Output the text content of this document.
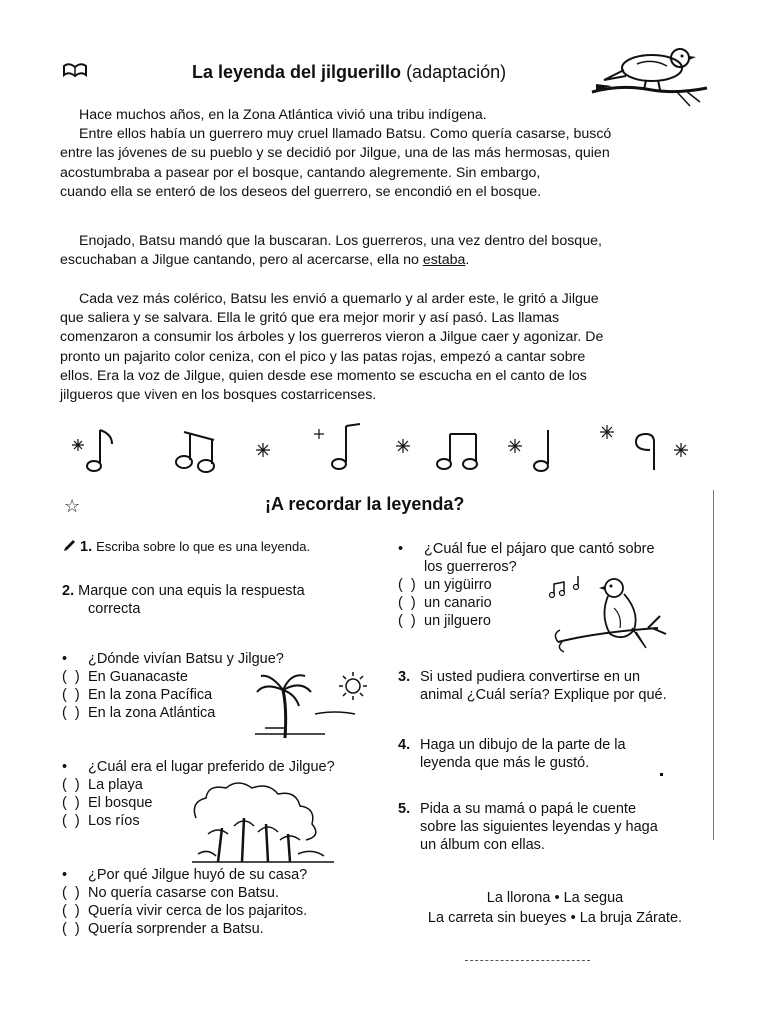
La leyenda del jilguerillo (adaptación)
Hace muchos años, en la Zona Atlántica vivió una tribu indígena.
Entre ellos había un guerrero muy cruel llamado Batsu. Como quería casarse, buscó
entre las jóvenes de su pueblo y se decidió por Jilgue, una de las más hermosas, quien
acostumbraba a pasear por el bosque, cantando alegremente. Sin embargo,
cuando ella se enteró de los deseos del guerrero, se encondió en el bosque.
Enojado, Batsu mandó que la buscaran. Los guerreros, una vez dentro del bosque,
escuchaban a Jilgue cantando, pero al acercarse, ella no estaba.
Cada vez más colérico, Batsu les envió a quemarlo y al arder este, le gritó a Jilgue
que saliera y se salvara. Ella le gritó que era mejor morir y así pasó. Las llamas
comenzaron a consumir los árboles y los guerreros vieron a Jilgue caer y agonizar. De
pronto un pajarito color ceniza, con el pico y las patas rojas, empezó a cantar sobre
ellos. Era la voz de Jilgue, quien desde ese momento se escucha en el canto de los
jilgueros que viven en los bosques costarricenses.
☆	¡A recordar la leyenda?
1. Escriba sobre lo que es una leyenda.
2. Marque con una equis la respuesta
correcta
• ¿Dónde vivían Batsu y Jilgue?
( ) En Guanacaste
( ) En la zona Pacífica
( ) En la zona Atlántica
• ¿Cuál era el lugar preferido de Jilgue?
( ) La playa
( ) El bosque
( ) Los ríos
• ¿Por qué Jilgue huyó de su casa?
( ) No quería casarse con Batsu.
( ) Quería vivir cerca de los pajaritos.
( ) Quería sorprender a Batsu.
• ¿Cuál fue el pájaro que cantó sobre
los guerreros?
( ) un yigüirro
( ) un canario
( ) un jilguero
3. Si usted pudiera convertirse en un
animal ¿Cuál sería? Explique por qué.
4. Haga un dibujo de la parte de la
leyenda que más le gustó.
5. Pida a su mamá o papá le cuente
sobre las siguientes leyendas y haga
un álbum con ellas.
La llorona • La segua
La carreta sin bueyes • La bruja Zárate.
